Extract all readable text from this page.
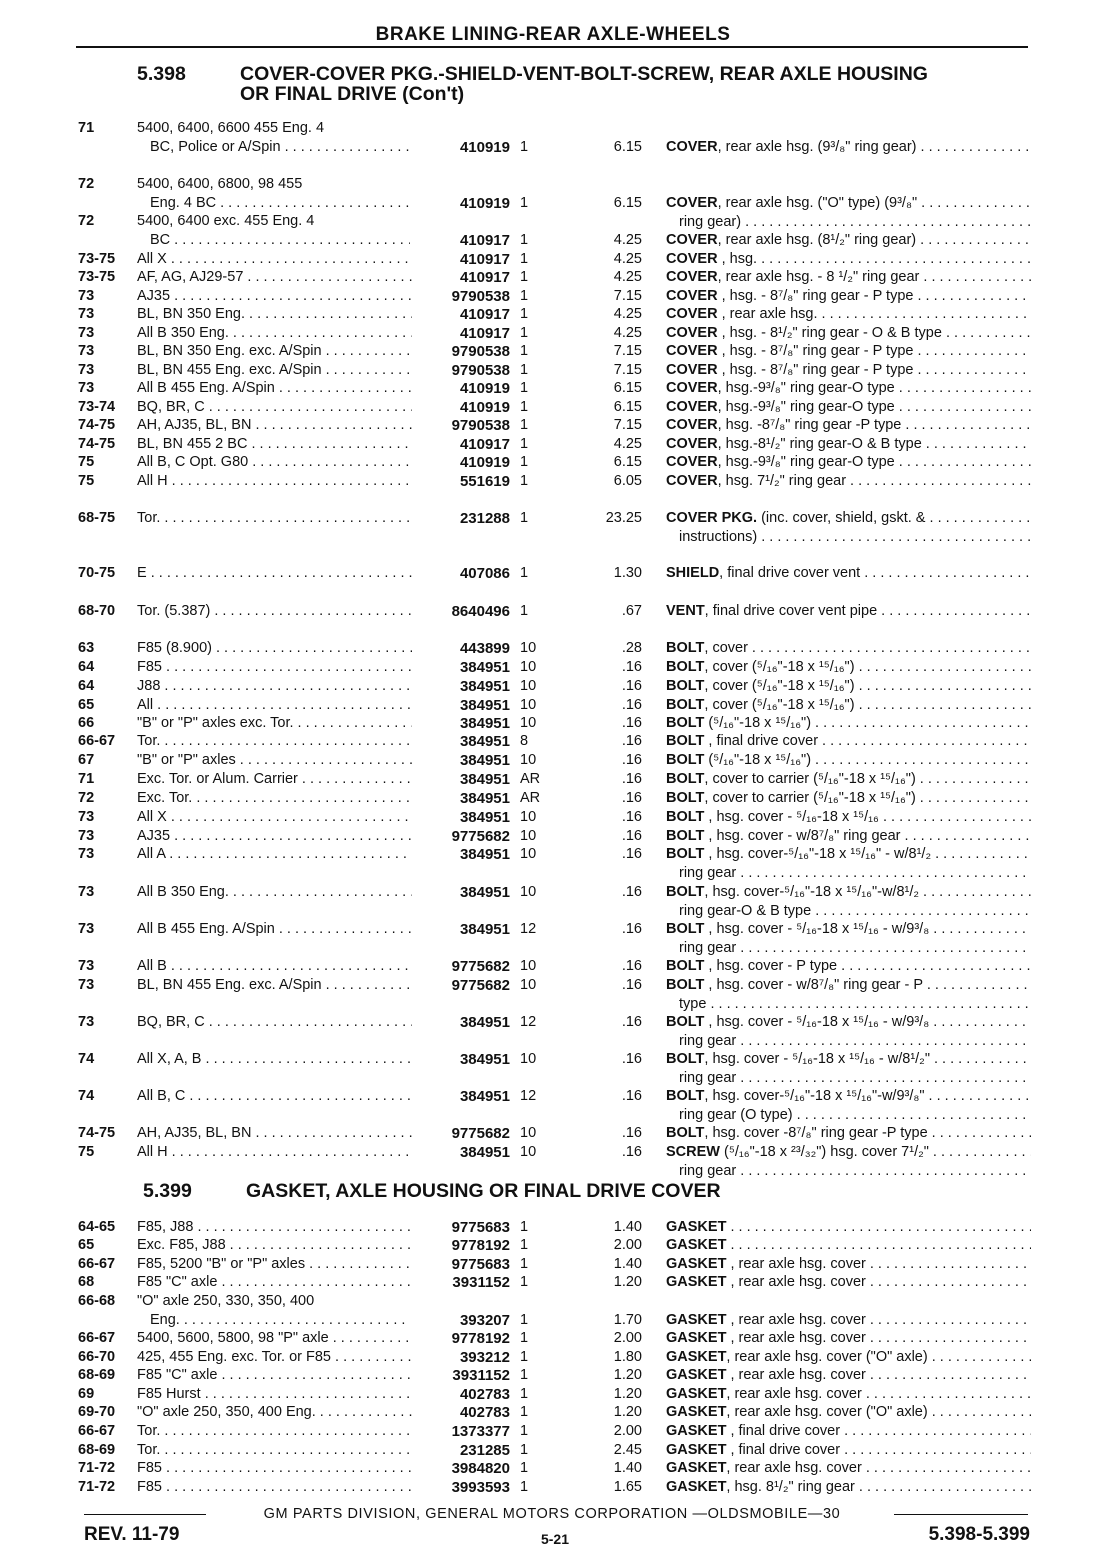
BRAKE LINING-REAR AXLE-WHEELS
5.398	COVER-COVER PKG.-SHIELD-VENT-BOLT-SCREW, REAR AXLE HOUSING
OR FINAL DRIVE (Con't)
71	5400, 6400, 6600 455 Eng. 4
BC, Police or A/Spin . . .	410919 1	6.15 COVER, rear axle hsg. (9³/₈" ring gear) . . .
72	5400, 6400, 6800, 98 455
Eng. 4 BC . . .	410919 1	6.15 COVER, rear axle hsg. ("O" type) (9³/₈" . . .
ring gear) . . .
72	5400, 6400 exc. 455 Eng. 4
BC . . .	410917 1	4.25 COVER, rear axle hsg. (8¹/₂" ring gear) . . .
73-75 All X . . .	410917 1	4.25 COVER , hsg. . . .
73-75 AF, AG, AJ29-57 . . .	410917 1	4.25 COVER, rear axle hsg. - 8 ¹/₂" ring gear . . .
73	AJ35 . . .	9790538 1	7.15 COVER , hsg. - 8⁷/₈" ring gear - P type . . .
73	BL, BN 350 Eng. . . .	410917 1	4.25 COVER , rear axle hsg. . . .
73	All B 350 Eng. . . .	410917 1	4.25 COVER , hsg. - 8¹/₂" ring gear - O & B type . . .
73	BL, BN 350 Eng. exc. A/Spin . . .	9790538 1	7.15 COVER , hsg. - 8⁷/₈" ring gear - P type . . .
73	BL, BN 455 Eng. exc. A/Spin . . .	9790538 1	7.15 COVER , hsg. - 8⁷/₈" ring gear - P type . . .
73	All B 455 Eng. A/Spin . . .	410919 1	6.15 COVER, hsg.-9³/₈" ring gear-O type . . .
73-74 BQ, BR, C . . .	410919 1	6.15 COVER, hsg.-9³/₈" ring gear-O type . . .
74-75 AH, AJ35, BL, BN . . .	9790538 1	7.15 COVER, hsg. -8⁷/₈" ring gear -P type . . .
74-75 BL, BN 455 2 BC . . .	410917 1	4.25 COVER, hsg.-8¹/₂" ring gear-O & B type . . .
75	All B, C Opt. G80 . . .	410919 1	6.15 COVER, hsg.-9³/₈" ring gear-O type . . .
75	All H . . .	551619 1	6.05 COVER, hsg. 7¹/₂" ring gear . . .
68-75 Tor. . . .	231288 1	23.25 COVER PKG. (inc. cover, shield, gskt. & . . .
instructions) . . .
70-75 E . . .	407086 1	1.30 SHIELD, final drive cover vent . . .
68-70 Tor. (5.387) . . .	8640496 1	.67 VENT, final drive cover vent pipe . . .
63	F85 (8.900) . . .	443899 10	.28 BOLT, cover . . .
64	F85 . . .	384951 10	.16 BOLT, cover (⁵/₁₆"-18 x ¹⁵/₁₆") . . .
64	J88 . . .	384951 10	.16 BOLT, cover (⁵/₁₆"-18 x ¹⁵/₁₆") . . .
65	All . . .	384951 10	.16 BOLT, cover (⁵/₁₆"-18 x ¹⁵/₁₆") . . .
66	"B" or "P" axles exc. Tor. . . .	384951 10	.16 BOLT (⁵/₁₆"-18 x ¹⁵/₁₆") . . .
66-67 Tor. . . .	384951 8	.16 BOLT , final drive cover . . .
67	"B" or "P" axles . . .	384951 10	.16 BOLT (⁵/₁₆"-18 x ¹⁵/₁₆") . . .
71	Exc. Tor. or Alum. Carrier . . .	384951 AR	.16 BOLT, cover to carrier (⁵/₁₆"-18 x ¹⁵/₁₆") . . .
72	Exc. Tor. . . .	384951 AR	.16 BOLT, cover to carrier (⁵/₁₆"-18 x ¹⁵/₁₆") . . .
73	All X . . .	384951 10	.16 BOLT , hsg. cover - ⁵/₁₆-18 x ¹⁵/₁₆ . . .
73	AJ35 . . .	9775682 10	.16 BOLT , hsg. cover - w/8⁷/₈" ring gear . . .
73	All A . . .	384951 10	.16 BOLT , hsg. cover-⁵/₁₆"-18 x ¹⁵/₁₆" - w/8¹/₂ . . .
ring gear . . .
73	All B 350 Eng. . . .	384951 10	.16 BOLT, hsg. cover-⁵/₁₆"-18 x ¹⁵/₁₆"-w/8¹/₂ . . .
ring gear-O & B type . . .
73	All B 455 Eng. A/Spin . . .	384951 12	.16 BOLT , hsg. cover - ⁵/₁₆-18 x ¹⁵/₁₆ - w/9³/₈ . . .
ring gear . . .
73	All B . . .	9775682 10	.16 BOLT , hsg. cover - P type . . .
73	BL, BN 455 Eng. exc. A/Spin . . .	9775682 10	.16 BOLT , hsg. cover - w/8⁷/₈" ring gear - P . . .
type . . .
73	BQ, BR, C . . .	384951 12	.16 BOLT , hsg. cover - ⁵/₁₆-18 x ¹⁵/₁₆ - w/9³/₈ . . .
ring gear . . .
74	All X, A, B . . .	384951 10	.16 BOLT, hsg. cover - ⁵/₁₆-18 x ¹⁵/₁₆ - w/8¹/₂" . . .
ring gear . . .
74	All B, C . . .	384951 12	.16 BOLT, hsg. cover-⁵/₁₆"-18 x ¹⁵/₁₆"-w/9³/₈" . . .
ring gear (O type) . . .
74-75 AH, AJ35, BL, BN . . .	9775682 10	.16 BOLT, hsg. cover -8⁷/₈" ring gear -P type . . .
75	All H . . .	384951 10	.16 SCREW (⁵/₁₆"-18 x ²³/₃₂") hsg. cover 7¹/₂" . . .
ring gear . . .
5.399	GASKET, AXLE HOUSING OR FINAL DRIVE COVER
64-65 F85, J88 . . .	9775683 1	1.40 GASKET . . .
65	Exc. F85, J88 . . .	9778192 1	2.00 GASKET . . .
66-67 F85, 5200 "B" or "P" axles . . .	9775683 1	1.40 GASKET , rear axle hsg. cover . . .
68	F85 "C" axle . . .	3931152 1	1.20 GASKET , rear axle hsg. cover . . .
66-68 "O" axle 250, 330, 350, 400
Eng. . . .	393207 1	1.70 GASKET , rear axle hsg. cover . . .
66-67 5400, 5600, 5800, 98 "P" axle . . .	9778192 1	2.00 GASKET , rear axle hsg. cover . . .
66-70 425, 455 Eng. exc. Tor. or F85 . . .	393212 1	1.80 GASKET, rear axle hsg. cover ("O" axle) . . .
68-69 F85 "C" axle . . .	3931152 1	1.20 GASKET , rear axle hsg. cover . . .
69	F85 Hurst . . .	402783 1	1.20 GASKET, rear axle hsg. cover . . .
69-70 "O" axle 250, 350, 400 Eng. . . .	402783 1	1.20 GASKET, rear axle hsg. cover ("O" axle) . . .
66-67 Tor. . . .	1373377 1	2.00 GASKET , final drive cover . . .
68-69 Tor. . . .	231285 1	2.45 GASKET , final drive cover . . .
71-72 F85 . . .	3984820 1	1.40 GASKET, rear axle hsg. cover . . .
71-72 F85 . . .	3993593 1	1.65 GASKET, hsg. 8¹/₂" ring gear . . .
GM PARTS DIVISION, GENERAL MOTORS CORPORATION —OLDSMOBILE—30
REV. 11-79	5-21	5.398-5.399
